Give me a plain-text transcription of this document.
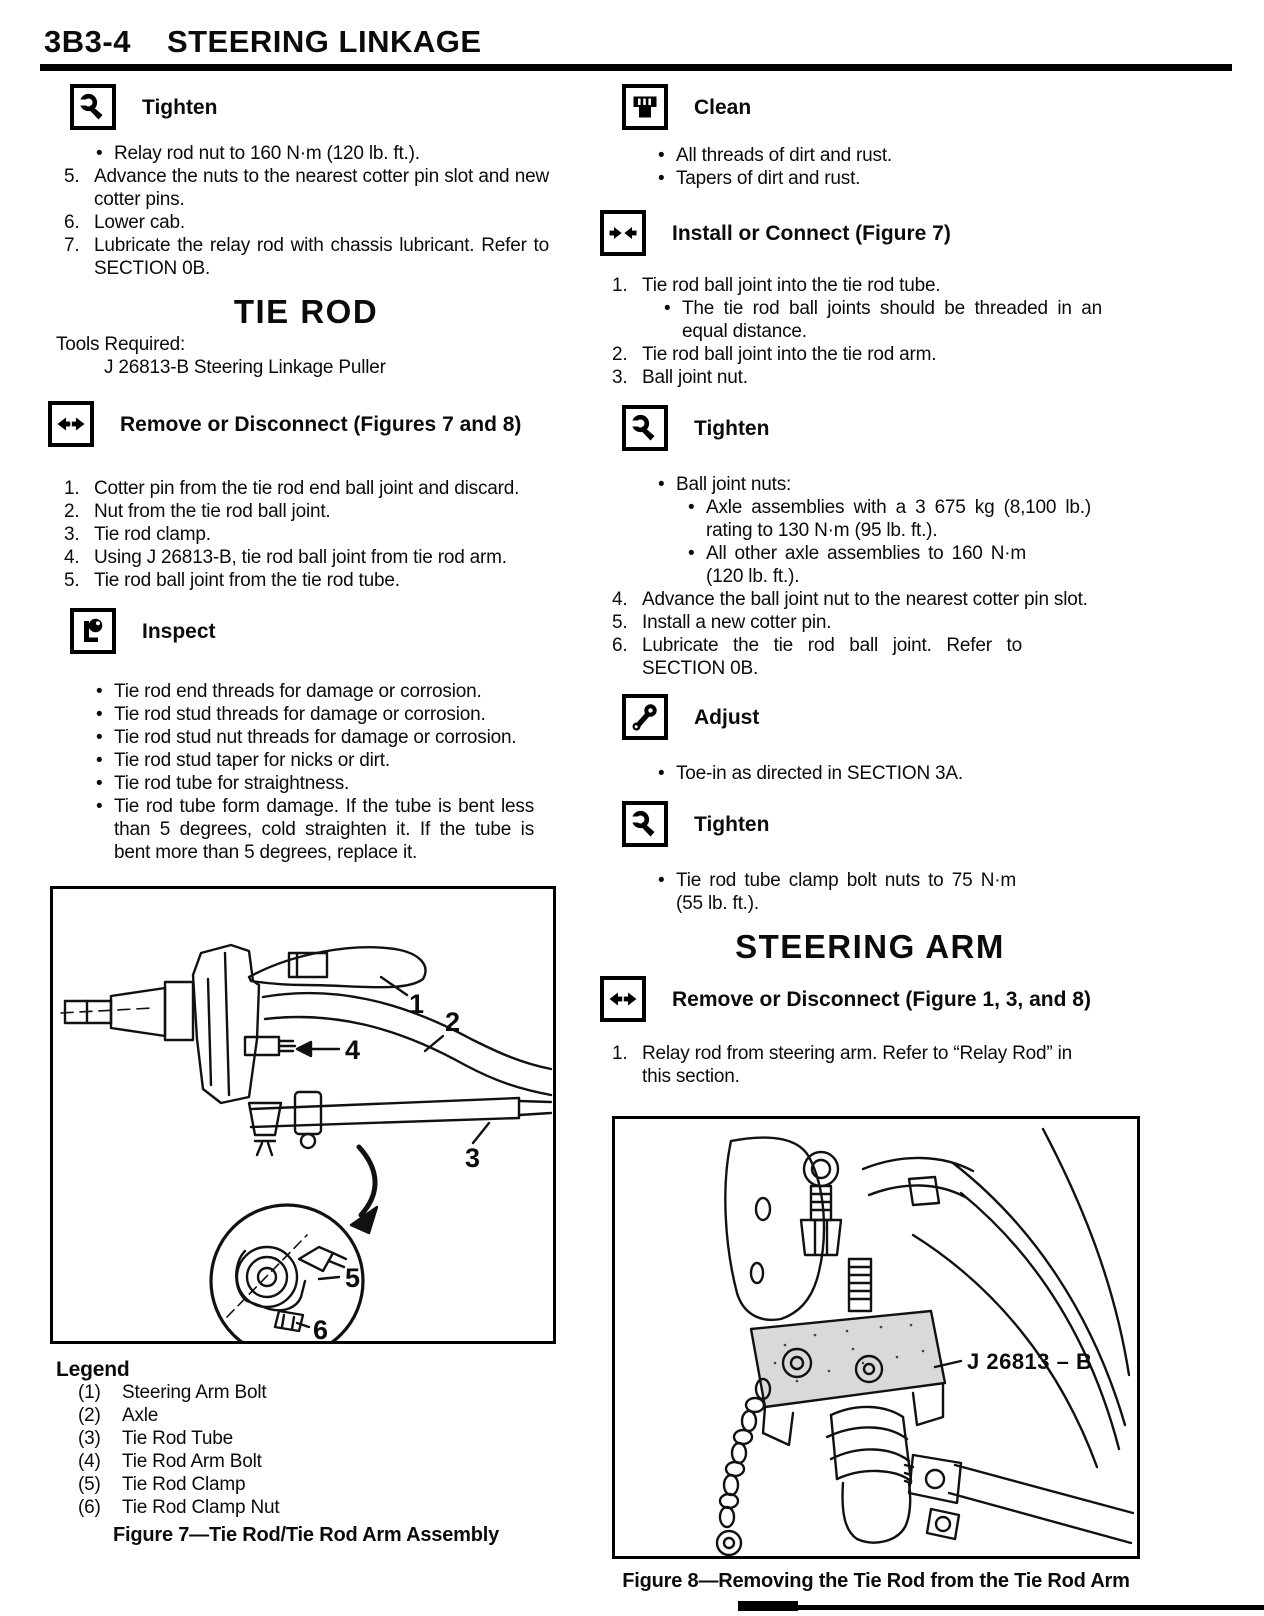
3B3-4 STEERING LINKAGE
Tighten
• Relay rod nut to 160 N·m (120 lb. ft.).
5. Advance the nuts to the nearest cotter pin slot and new cotter pins.
6. Lower cab.
7. Lubricate the relay rod with chassis lubricant. Refer to SECTION 0B.
TIE ROD
Tools Required:
J 26813-B Steering Linkage Puller
Remove or Disconnect (Figures 7 and 8)
1. Cotter pin from the tie rod end ball joint and discard.
2. Nut from the tie rod ball joint.
3. Tie rod clamp.
4. Using J 26813-B, tie rod ball joint from tie rod arm.
5. Tie rod ball joint from the tie rod tube.
Inspect
• Tie rod end threads for damage or corrosion.
• Tie rod stud threads for damage or corrosion.
• Tie rod stud nut threads for damage or corrosion.
• Tie rod stud taper for nicks or dirt.
• Tie rod tube for straightness.
• Tie rod tube form damage. If the tube is bent less than 5 degrees, cold straighten it. If the tube is bent more than 5 degrees, replace it.
1
2
3
4
5
6
Legend
(1)	Steering Arm Bolt
(2)	Axle
(3)	Tie Rod Tube
(4)	Tie Rod Arm Bolt
(5)	Tie Rod Clamp
(6)	Tie Rod Clamp Nut
Figure 7—Tie Rod/Tie Rod Arm Assembly
Clean
• All threads of dirt and rust.
• Tapers of dirt and rust.
Install or Connect (Figure 7)
1. Tie rod ball joint into the tie rod tube.
• The tie rod ball joints should be threaded in an equal distance.
2. Tie rod ball joint into the tie rod arm.
3. Ball joint nut.
Tighten
• Ball joint nuts:
• Axle assemblies with a 3 675 kg (8,100 lb.) rating to 130 N·m (95 lb. ft.).
• All other axle assemblies to 160 N·m (120 lb. ft.).
4. Advance the ball joint nut to the nearest cotter pin slot.
5. Install a new cotter pin.
6. Lubricate the tie rod ball joint. Refer to SECTION 0B.
Adjust
• Toe-in as directed in SECTION 3A.
Tighten
• Tie rod tube clamp bolt nuts to 75 N·m (55 lb. ft.).
STEERING ARM
Remove or Disconnect (Figure 1, 3, and 8)
1. Relay rod from steering arm. Refer to “Relay Rod” in this section.
J 26813 – B
Figure 8—Removing the Tie Rod from the Tie Rod Arm
